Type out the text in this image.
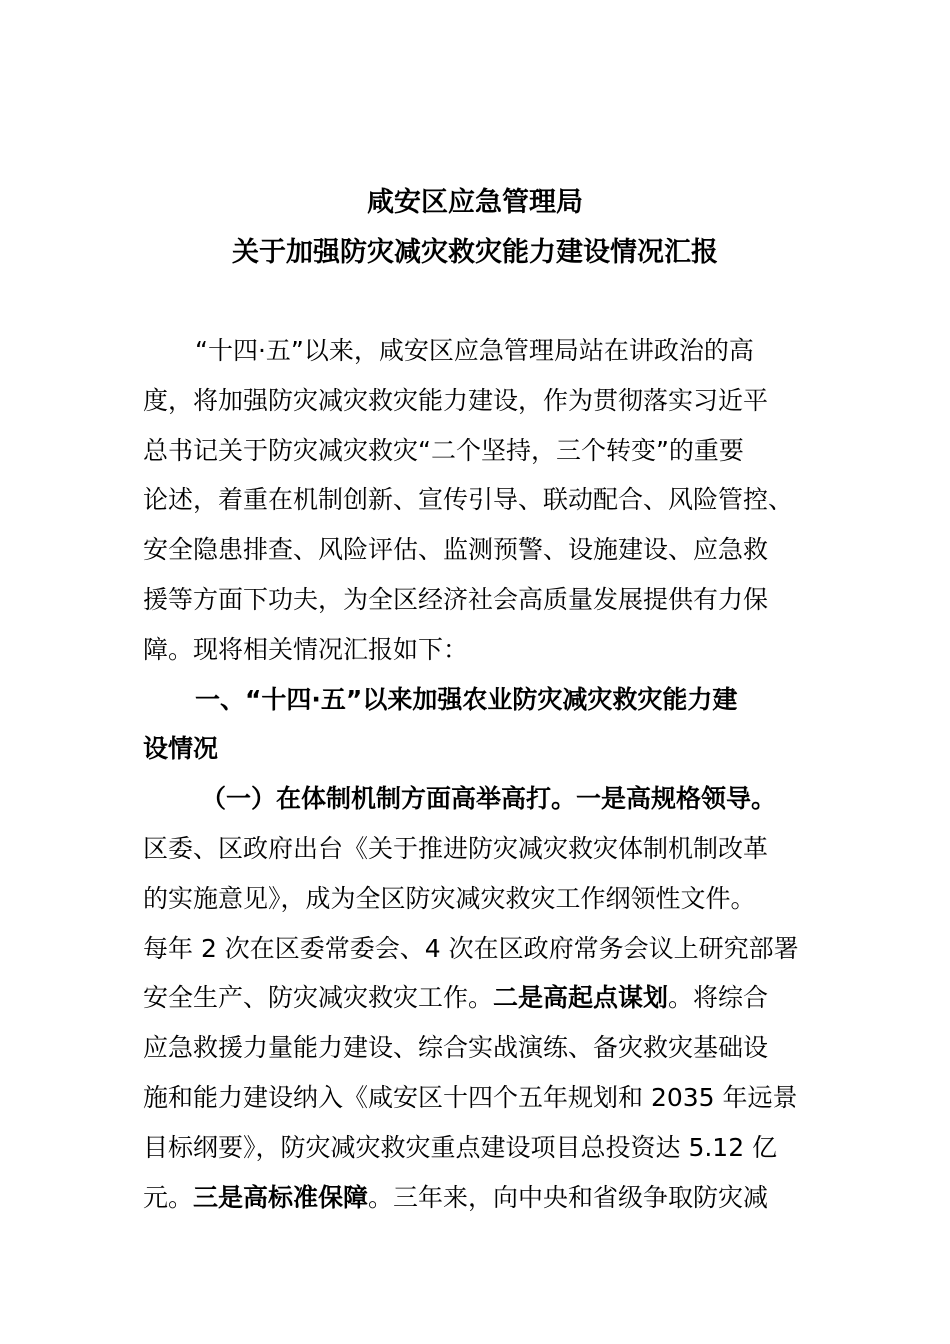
咸安区应急管理局
关于加强防灾减灾救灾能力建设情况汇报
“十四·五”以来，咸安区应急管理局站在讲政治的高
度，将加强防灾减灾救灾能力建设，作为贯彻落实习近平
总书记关于防灾减灾救灾“二个坚持，三个转变”的重要
论述，着重在机制创新、宣传引导、联动配合、风险管控、
安全隐患排查、风险评估、监测预警、设施建设、应急救
援等方面下功夫，为全区经济社会高质量发展提供有力保
障。现将相关情况汇报如下：
一、“十四·五”以来加强农业防灾减灾救灾能力建
设情况
（一）在体制机制方面高举高打。一是高规格领导。
区委、区政府出台《关于推进防灾减灾救灾体制机制改革
的实施意见》，成为全区防灾减灾救灾工作纲领性文件。
每年 2 次在区委常委会、4 次在区政府常务会议上研究部署
安全生产、防灾减灾救灾工作。二是高起点谋划。将综合
应急救援力量能力建设、综合实战演练、备灾救灾基础设
施和能力建设纳入《咸安区十四个五年规划和 2035 年远景
目标纲要》，防灾减灾救灾重点建设项目总投资达 5.12 亿
元。三是高标准保障。三年来，向中央和省级争取防灾减
